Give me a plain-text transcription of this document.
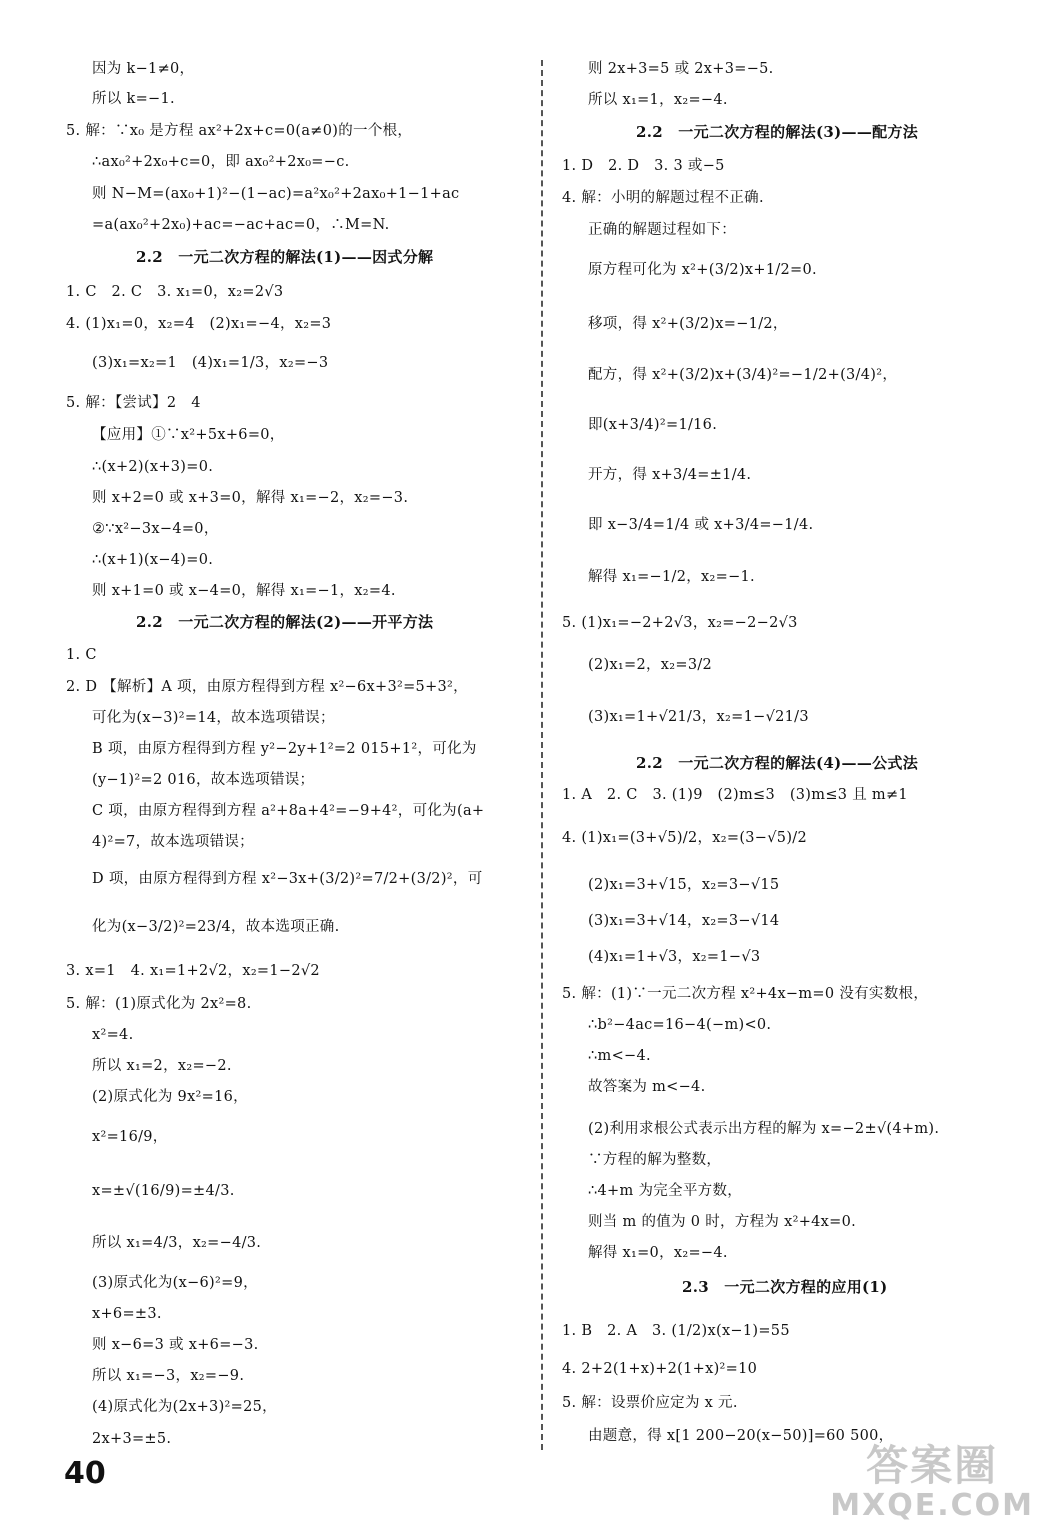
因为 k−1≠0，
所以 k=−1.
5. 解：∵x₀ 是方程 ax²+2x+c=0(a≠0)的一个根，
∴ax₀²+2x₀+c=0，即 ax₀²+2x₀=−c.
则 N−M=(ax₀+1)²−(1−ac)=a²x₀²+2ax₀+1−1+ac
=a(ax₀²+2x₀)+ac=−ac+ac=0，∴M=N.
2.2　一元二次方程的解法(1)——因式分解
1. C　2. C　3. x₁=0，x₂=2√3
4. (1)x₁=0，x₂=4　(2)x₁=−4，x₂=3
(3)x₁=x₂=1　(4)x₁=1/3，x₂=−3
5. 解：【尝试】2　4
【应用】①∵x²+5x+6=0，
∴(x+2)(x+3)=0.
则 x+2=0 或 x+3=0，解得 x₁=−2，x₂=−3.
②∵x²−3x−4=0，
∴(x+1)(x−4)=0.
则 x+1=0 或 x−4=0，解得 x₁=−1，x₂=4.
2.2　一元二次方程的解法(2)——开平方法
1. C
2. D 【解析】A 项，由原方程得到方程 x²−6x+3²=5+3²，
可化为(x−3)²=14，故本选项错误；
B 项，由原方程得到方程 y²−2y+1²=2 015+1²，可化为
(y−1)²=2 016，故本选项错误；
C 项，由原方程得到方程 a²+8a+4²=−9+4²，可化为(a+
4)²=7，故本选项错误；
D 项，由原方程得到方程 x²−3x+(3/2)²=7/2+(3/2)²，可
化为(x−3/2)²=23/4，故本选项正确.
3. x=1　4. x₁=1+2√2，x₂=1−2√2
5. 解：(1)原式化为 2x²=8.
x²=4.
所以 x₁=2，x₂=−2.
(2)原式化为 9x²=16，
x²=16/9，
x=±√(16/9)=±4/3.
所以 x₁=4/3，x₂=−4/3.
(3)原式化为(x−6)²=9，
x+6=±3.
则 x−6=3 或 x+6=−3.
所以 x₁=−3，x₂=−9.
(4)原式化为(2x+3)²=25，
2x+3=±5.
则 2x+3=5 或 2x+3=−5.
所以 x₁=1，x₂=−4.
2.2　一元二次方程的解法(3)——配方法
1. D　2. D　3. 3 或−5
4. 解：小明的解题过程不正确.
正确的解题过程如下：
原方程可化为 x²+(3/2)x+1/2=0.
移项，得 x²+(3/2)x=−1/2，
配方，得 x²+(3/2)x+(3/4)²=−1/2+(3/4)²，
即(x+3/4)²=1/16.
开方，得 x+3/4=±1/4.
即 x−3/4=1/4 或 x+3/4=−1/4.
解得 x₁=−1/2，x₂=−1.
5. (1)x₁=−2+2√3，x₂=−2−2√3
(2)x₁=2，x₂=3/2
(3)x₁=1+√21/3，x₂=1−√21/3
2.2　一元二次方程的解法(4)——公式法
1. A　2. C　3. (1)9　(2)m≤3　(3)m≤3 且 m≠1
4. (1)x₁=(3+√5)/2，x₂=(3−√5)/2
(2)x₁=3+√15，x₂=3−√15
(3)x₁=3+√14，x₂=3−√14
(4)x₁=1+√3，x₂=1−√3
5. 解：(1)∵一元二次方程 x²+4x−m=0 没有实数根，
∴b²−4ac=16−4(−m)<0.
∴m<−4.
故答案为 m<−4.
(2)利用求根公式表示出方程的解为 x=−2±√(4+m).
∵方程的解为整数，
∴4+m 为完全平方数，
则当 m 的值为 0 时，方程为 x²+4x=0.
解得 x₁=0，x₂=−4.
2.3　一元二次方程的应用(1)
1. B　2. A　3. (1/2)x(x−1)=55
4. 2+2(1+x)+2(1+x)²=10
5. 解：设票价应定为 x 元.
由题意，得 x[1 200−20(x−50)]=60 500，
40	答案圈
MXQE.COM
